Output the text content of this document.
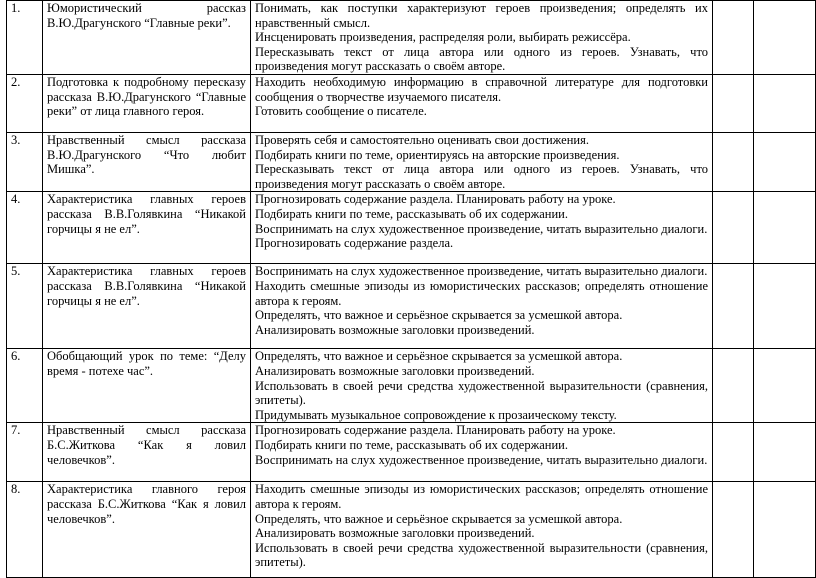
1.	Юмористический рассказ В.Ю.Драгунского “Главные реки”.	Понимать, как поступки характеризуют героев произведения; определять их нравственный смысл.
Инсценировать произведения, распределяя роли, выбирать режиссёра.
Пересказывать текст от лица автора или одного из героев. Узнавать, что произведения могут рассказать о своём авторе.		

2.	Подготовка к подробному пересказу рассказа В.Ю.Драгунского “Главные реки” от лица главного героя.	Находить необходимую информацию в справочной литературе для подготовки сообщения о творчестве изучаемого писателя.
Готовить сообщение о писателе.		

3.	Нравственный смысл рассказа В.Ю.Драгунского “Что любит Мишка”.	Проверять себя и самостоятельно оценивать свои достижения.
Подбирать книги по теме, ориентируясь на авторские произведения.
Пересказывать текст от лица автора или одного из героев. Узнавать, что произведения могут рассказать о своём авторе.		

4.	Характеристика главных героев рассказа В.В.Голявкина “Никакой горчицы я не ел”.	Прогнозировать содержание раздела. Планировать работу на уроке.
Подбирать книги по теме, рассказывать об их содержании.
Воспринимать на слух художественное произведение, читать выразительно диалоги.
Прогнозировать содержание раздела.		

5.	Характеристика главных героев рассказа В.В.Голявкина “Никакой горчицы я не ел”.	Воспринимать на слух художественное произведение, читать выразительно диалоги.
Находить смешные эпизоды из юмористических рассказов; определять отношение автора к героям.
Определять, что важное и серьёзное скрывается за усмешкой автора.
Анализировать возможные заголовки произведений.		

6.	Обобщающий урок по теме: “Делу время - потехе час”.	Определять, что важное и серьёзное скрывается за усмешкой автора.
Анализировать возможные заголовки произведений.
Использовать в своей речи средства художественной выразительности (сравнения, эпитеты).
Придумывать музыкальное сопровождение к прозаическому тексту.		

7.	Нравственный смысл рассказа Б.С.Житкова “Как я ловил человечков”.	Прогнозировать содержание раздела. Планировать работу на уроке.
Подбирать книги по теме, рассказывать об их содержании.
Воспринимать на слух художественное произведение, читать выразительно диалоги.		

8.	Характеристика главного героя рассказа Б.С.Житкова “Как я ловил человечков”.	Находить смешные эпизоды из юмористических рассказов; определять отношение автора к героям.
Определять, что важное и серьёзное скрывается за усмешкой автора.
Анализировать возможные заголовки произведений.
Использовать в своей речи средства художественной выразительности (сравнения, эпитеты).		
